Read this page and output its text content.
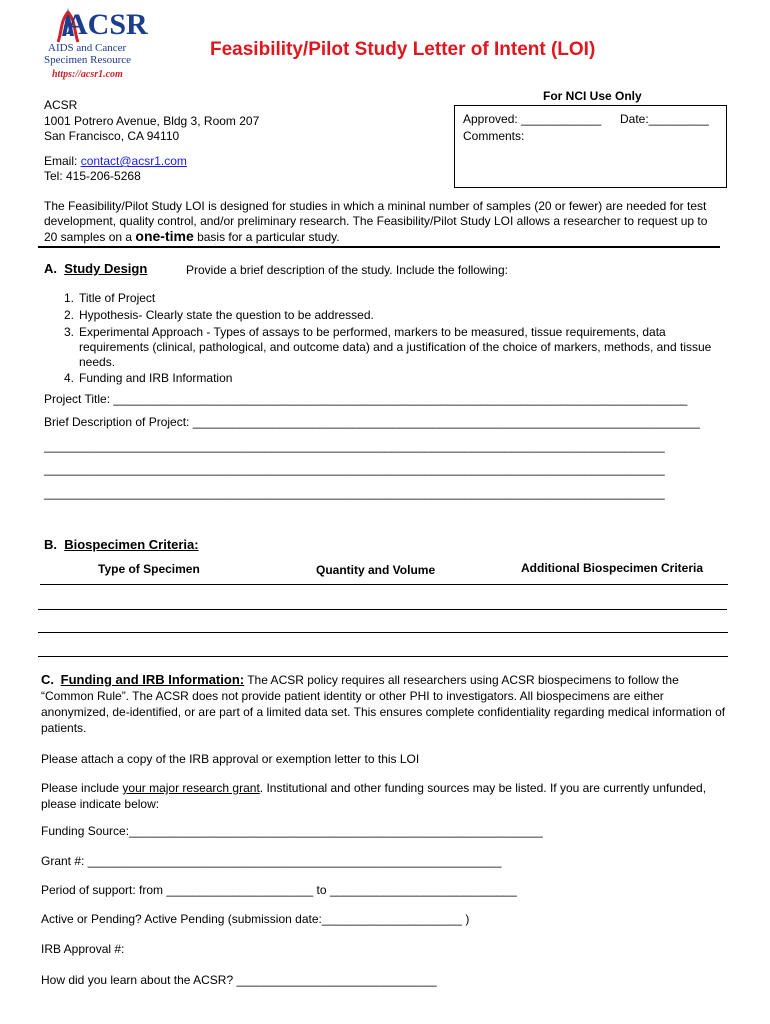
ACSR
AIDS and Cancer
Specimen Resource
https://acsr1.com
Feasibility/Pilot Study Letter of Intent (LOI)
ACSR
1001 Potrero Avenue, Bldg 3, Room 207
San Francisco, CA 94110
Email: contact@acsr1.com
Tel: 415-206-5268
For NCI Use Only
Approved: ____________ Date:_________
Comments:
The Feasibility/Pilot Study LOI is designed for studies in which a mininal number of samples (20 or fewer) are needed for test development, quality control, and/or preliminary research. The Feasibility/Pilot Study LOI allows a researcher to request up to 20 samples on a one-time basis for a particular study.
A. Study Design	Provide a brief description of the study. Include the following:
1. Title of Project
2. Hypothesis- Clearly state the question to be addressed.
3. Experimental Approach - Types of assays to be performed, markers to be measured, tissue requirements, data requirements (clinical, pathological, and outcome data) and a justification of the choice of markers, methods, and tissue needs.
4. Funding and IRB Information
Project Title: ______________________________________________________________________________________
Brief Description of Project: ____________________________________________________________________________
_____________________________________________________________________________________________
_____________________________________________________________________________________________
_____________________________________________________________________________________________
B. Biospecimen Criteria:
Type of Specimen	Quantity and Volume	Additional Biospecimen Criteria
C. Funding and IRB Information: The ACSR policy requires all researchers using ACSR biospecimens to follow the “Common Rule”. The ACSR does not provide patient identity or other PHI to investigators. All biospecimens are either anonymized, de-identified, or are part of a limited data set. This ensures complete confidentiality regarding medical information of patients.
Please attach a copy of the IRB approval or exemption letter to this LOI
Please include your major research grant. Institutional and other funding sources may be listed. If you are currently unfunded, please indicate below:
Funding Source:______________________________________________________________
Grant #: ______________________________________________________________
Period of support: from ______________________ to ____________________________
Active or Pending? Active Pending (submission date:_____________________ )
IRB Approval #:
How did you learn about the ACSR? ______________________________
